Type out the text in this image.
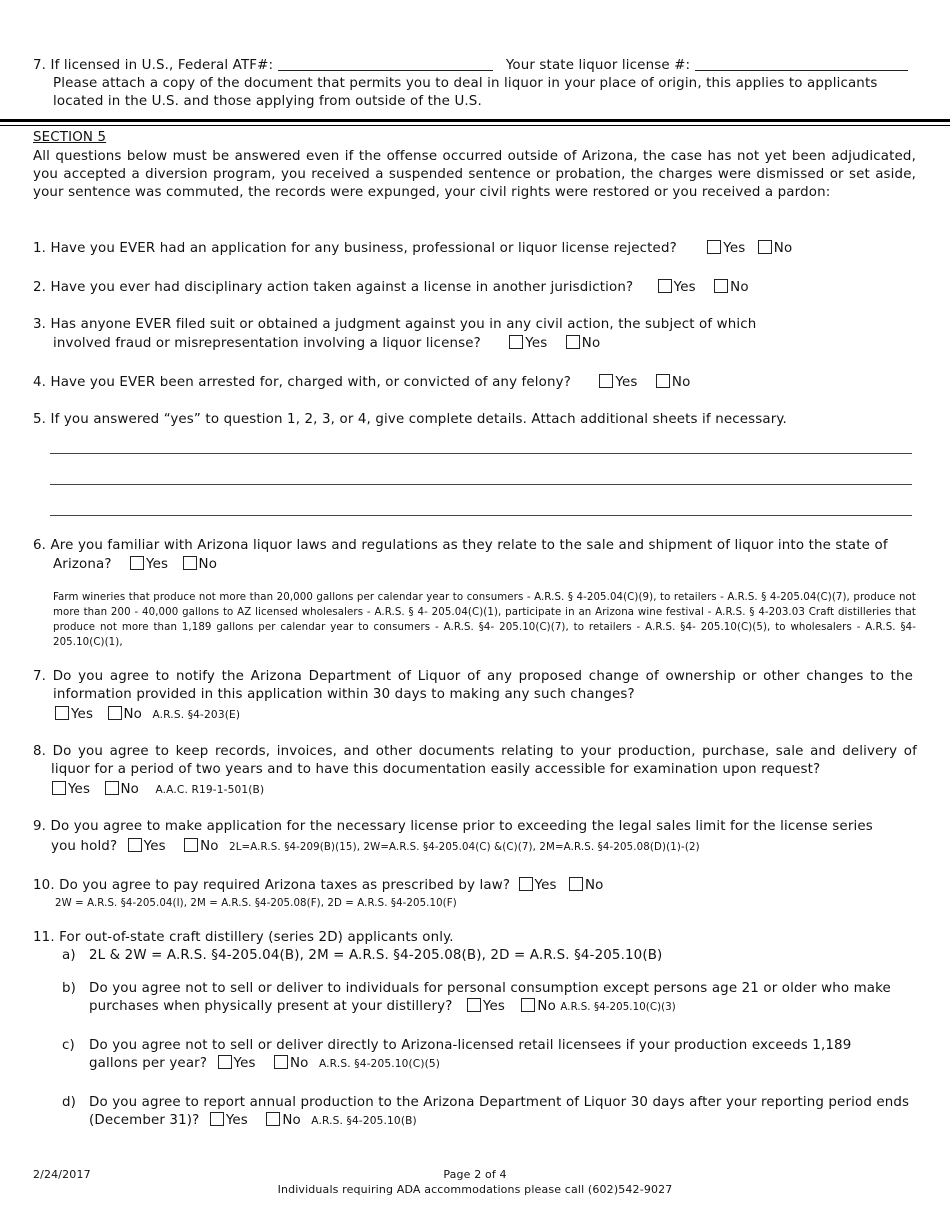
7. If licensed in U.S., Federal ATF#:	Your state liquor license #:
Please attach a copy of the document that permits you to deal in liquor in your place of origin, this applies to applicants
located in the U.S. and those applying from outside of the U.S.
SECTION 5
All questions below must be answered even if the offense occurred outside of Arizona, the case has not yet been adjudicated, you accepted a diversion program, you received a suspended sentence or probation, the charges were dismissed or set aside, your sentence was commuted, the records were expunged, your civil rights were restored or you received a pardon:
1. Have you EVER had an application for any business, professional or liquor license rejected?	Yes No
2. Have you ever had disciplinary action taken against a license in another jurisdiction?	Yes	No
3. Has anyone EVER filed suit or obtained a judgment against you in any civil action, the subject of which
involved fraud or misrepresentation involving a liquor license?	Yes	No
4. Have you EVER been arrested for, charged with, or convicted of any felony?	Yes	No
5. If you answered “yes” to question 1, 2, 3, or 4, give complete details. Attach additional sheets if necessary.
6. Are you familiar with Arizona liquor laws and regulations as they relate to the sale and shipment of liquor into the state of
Arizona?	Yes No
Farm wineries that produce not more than 20,000 gallons per calendar year to consumers - A.R.S. § 4-205.04(C)(9), to retailers - A.R.S. § 4-205.04(C)(7), produce not more than 200 - 40,000 gallons to AZ licensed wholesalers - A.R.S. § 4- 205.04(C)(1), participate in an Arizona wine festival - A.R.S. § 4-203.03 Craft distilleries that produce not more than 1,189 gallons per calendar year to consumers - A.R.S. §4- 205.10(C)(7), to retailers - A.R.S. §4- 205.10(C)(5), to wholesalers - A.R.S. §4- 205.10(C)(1),
7. Do you agree to notify the Arizona Department of Liquor of any proposed change of ownership or other changes to the information provided in this application within 30 days to making any such changes?
Yes No A.R.S. §4-203(E)
8. Do you agree to keep records, invoices, and other documents relating to your production, purchase, sale and delivery of liquor for a period of two years and to have this documentation easily accessible for examination upon request?
Yes No A.A.C. R19-1-501(B)
9. Do you agree to make application for the necessary license prior to exceeding the legal sales limit for the license series
you hold? Yes	No 2L=A.R.S. §4-209(B)(15), 2W=A.R.S. §4-205.04(C) &(C)(7), 2M=A.R.S. §4-205.08(D)(1)-(2)
10. Do you agree to pay required Arizona taxes as prescribed by law? Yes No
2W = A.R.S. §4-205.04(I), 2M = A.R.S. §4-205.08(F), 2D = A.R.S. §4-205.10(F)
11. For out-of-state craft distillery (series 2D) applicants only.
a) 2L & 2W = A.R.S. §4-205.04(B), 2M = A.R.S. §4-205.08(B), 2D = A.R.S. §4-205.10(B)
b) Do you agree not to sell or deliver to individuals for personal consumption except persons age 21 or older who make purchases when physically present at your distillery? Yes No A.R.S. §4-205.10(C)(3)
c) Do you agree not to sell or deliver directly to Arizona-licensed retail licensees if your production exceeds 1,189 gallons per year? Yes	No A.R.S. §4-205.10(C)(5)
d) Do you agree to report annual production to the Arizona Department of Liquor 30 days after your reporting period ends (December 31)? Yes	No A.R.S. §4-205.10(B)
2/24/2017	Page 2 of 4
Individuals requiring ADA accommodations please call (602)542-9027
